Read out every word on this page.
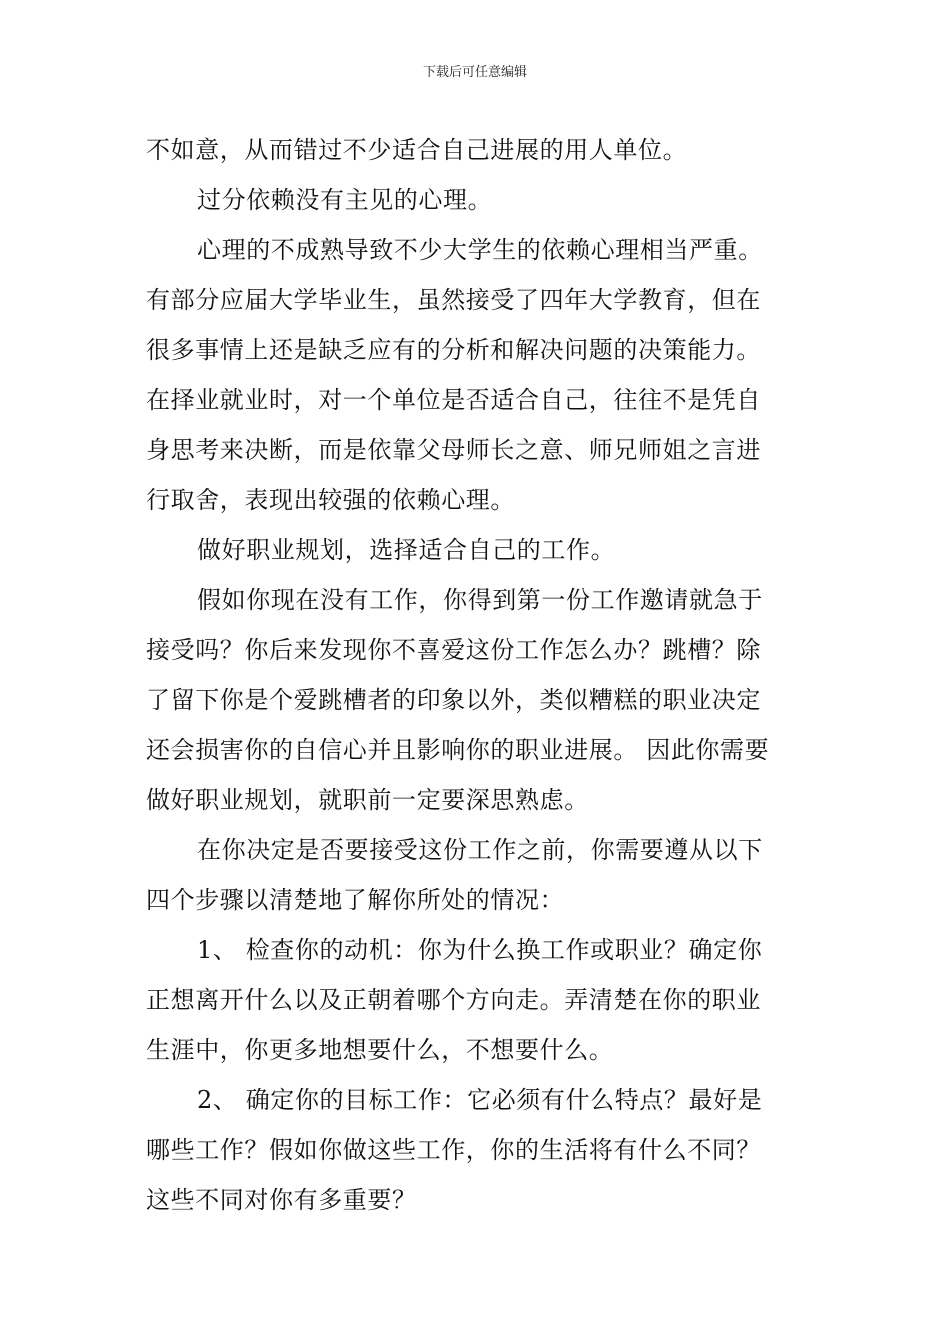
下载后可任意编辑
不如意，从而错过不少适合自己进展的用人单位。
过分依赖没有主见的心理。
心理的不成熟导致不少大学生的依赖心理相当严重。
有部分应届大学毕业生，虽然接受了四年大学教育，但在
很多事情上还是缺乏应有的分析和解决问题的决策能力。
在择业就业时，对一个单位是否适合自己，往往不是凭自
身思考来决断，而是依靠父母师长之意、师兄师姐之言进
行取舍，表现出较强的依赖心理。
做好职业规划，选择适合自己的工作。
假如你现在没有工作，你得到第一份工作邀请就急于
接受吗？你后来发现你不喜爱这份工作怎么办？跳槽？除
了留下你是个爱跳槽者的印象以外，类似糟糕的职业决定
还会损害你的自信心并且影响你的职业进展。 因此你需要
做好职业规划，就职前一定要深思熟虑。
在你决定是否要接受这份工作之前，你需要遵从以下
四个步骤以清楚地了解你所处的情况：
1、 检查你的动机：你为什么换工作或职业？确定你
正想离开什么以及正朝着哪个方向走。弄清楚在你的职业
生涯中，你更多地想要什么，不想要什么。
2、 确定你的目标工作：它必须有什么特点？最好是
哪些工作？假如你做这些工作，你的生活将有什么不同？
这些不同对你有多重要？
